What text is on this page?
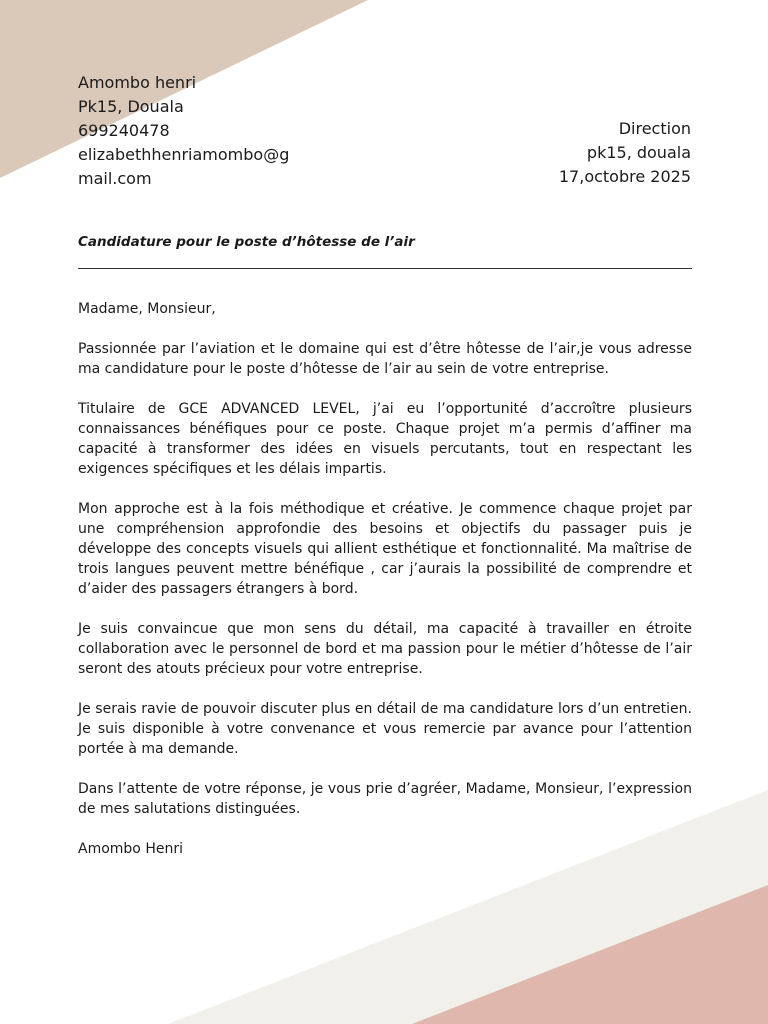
Amombo henri
Pk15, Douala
699240478
elizabethhenriamombo@g
mail.com
Direction
pk15, douala
17,octobre 2025
Candidature pour le poste d’hôtesse de l’air

Madame, Monsieur,

Passionnée par l’aviation et le domaine qui est d’être hôtesse de l’air,je vous adresse ma candidature pour le poste d’hôtesse de l’air au sein de votre entreprise.

Titulaire de GCE ADVANCED LEVEL, j’ai eu l’opportunité d’accroître plusieurs connaissances bénéfiques pour ce poste. Chaque projet m’a permis d’affiner ma capacité à transformer des idées en visuels percutants, tout en respectant les exigences spécifiques et les délais impartis.

Mon approche est à la fois méthodique et créative. Je commence chaque projet par une compréhension approfondie des besoins et objectifs du passager puis je développe des concepts visuels qui allient esthétique et fonctionnalité. Ma maîtrise de trois langues peuvent mettre bénéfique , car j’aurais la possibilité de comprendre et d’aider des passagers étrangers à bord.

Je suis convaincue que mon sens du détail, ma capacité à travailler en étroite collaboration avec le personnel de bord et ma passion pour le métier d’hôtesse de l’air seront des atouts précieux pour votre entreprise.

Je serais ravie de pouvoir discuter plus en détail de ma candidature lors d’un entretien. Je suis disponible à votre convenance et vous remercie par avance pour l’attention portée à ma demande.

Dans l’attente de votre réponse, je vous prie d’agréer, Madame, Monsieur, l’expression de mes salutations distinguées.

Amombo Henri
